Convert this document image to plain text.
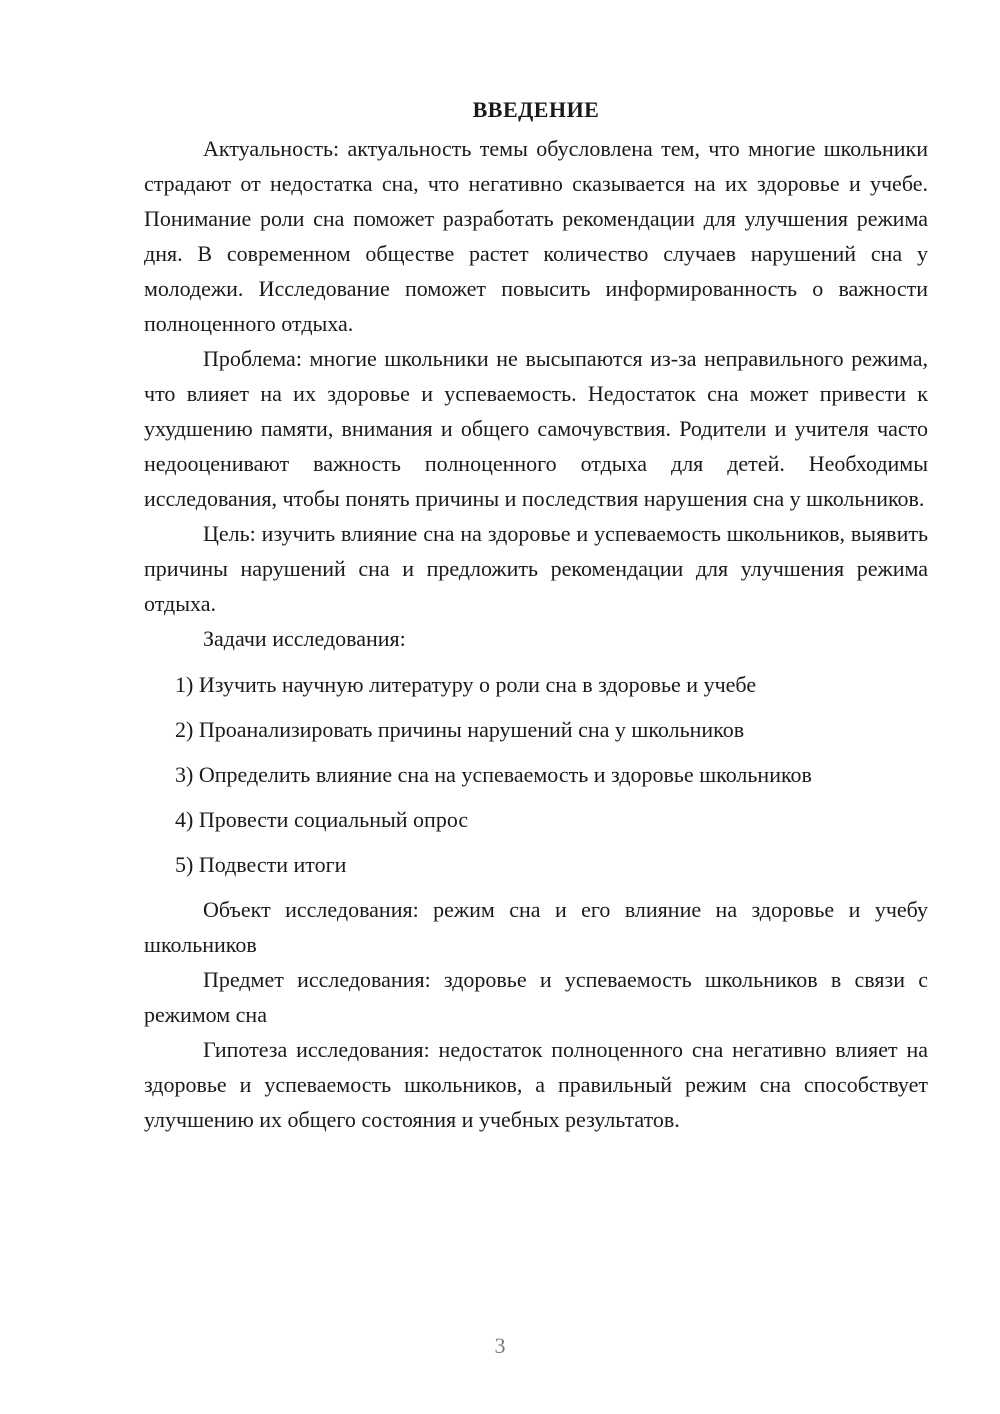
ВВЕДЕНИЕ

Актуальность: актуальность темы обусловлена тем, что многие школьники страдают от недостатка сна, что негативно сказывается на их здоровье и учебе. Понимание роли сна поможет разработать рекомендации для улучшения режима дня. В современном обществе растет количество случаев нарушений сна у молодежи. Исследование поможет повысить информированность о важности полноценного отдыха.

Проблема: многие школьники не высыпаются из-за неправильного режима, что влияет на их здоровье и успеваемость. Недостаток сна может привести к ухудшению памяти, внимания и общего самочувствия. Родители и учителя часто недооценивают важность полноценного отдыха для детей. Необходимы исследования, чтобы понять причины и последствия нарушения сна у школьников.

Цель: изучить влияние сна на здоровье и успеваемость школьников, выявить причины нарушений сна и предложить рекомендации для улучшения режима отдыха.

Задачи исследования:

1) Изучить научную литературу о роли сна в здоровье и учебе
2) Проанализировать причины нарушений сна у школьников
3) Определить влияние сна на успеваемость и здоровье школьников
4) Провести социальный опрос
5) Подвести итоги

Объект исследования: режим сна и его влияние на здоровье и учебу школьников

Предмет исследования: здоровье и успеваемость школьников в связи с режимом сна

Гипотеза исследования: недостаток полноценного сна негативно влияет на здоровье и успеваемость школьников, а правильный режим сна способствует улучшению их общего состояния и учебных результатов.

3
